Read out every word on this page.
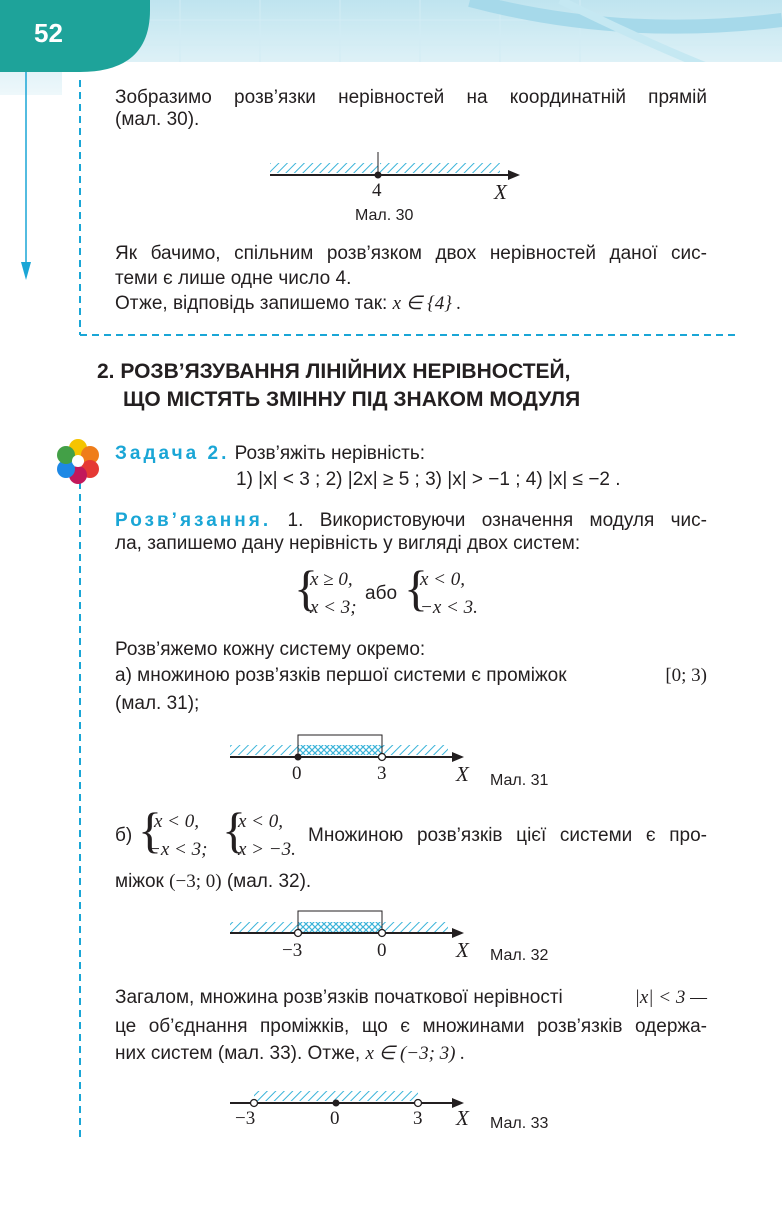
52
Зобразимо розв’язки нерівностей на координатній прямій
(мал. 30).
4	X
Мал. 30
Як бачимо, спільним розв’язком двох нерівностей даної сис-
теми є лише одне число 4.
Отже, відповідь запишемо так: x ∈ {4} .
2. РОЗВ’ЯЗУВАННЯ ЛІНІЙНИХ НЕРІВНОСТЕЙ,
ЩО МІСТЯТЬ ЗМІННУ ПІД ЗНАКОМ МОДУЛЯ
Задача 2. Розв’яжіть нерівність:
1) |x| < 3 ; 2) |2x| ≥ 5 ; 3) |x| > −1 ; 4) |x| ≤ −2 .
Розв’язання. 1. Використовуючи означення модуля чис-
ла, запишемо дану нерівність у вигляді двох систем:
{
x ≥ 0,
x < 3;
або {
x < 0,
−x < 3.
Розв’яжемо кожну систему окремо:
а) множиною розв’язків першої системи є проміжок	[0; 3)
(мал. 31);
0	3	X Мал. 31
б) {
x < 0,
−x < 3; {
x < 0,
x > −3.
Множиною розв’язків цієї системи є про-
міжок (−3; 0) (мал. 32).
−3	0	X Мал. 32
Загалом, множина розв’язків початкової нерівності	|x| < 3 —
це об’єднання проміжків, що є множинами розв’язків одержа-
них систем (мал. 33). Отже, x ∈ (−3; 3) .
−3	0	3 X Мал. 33
